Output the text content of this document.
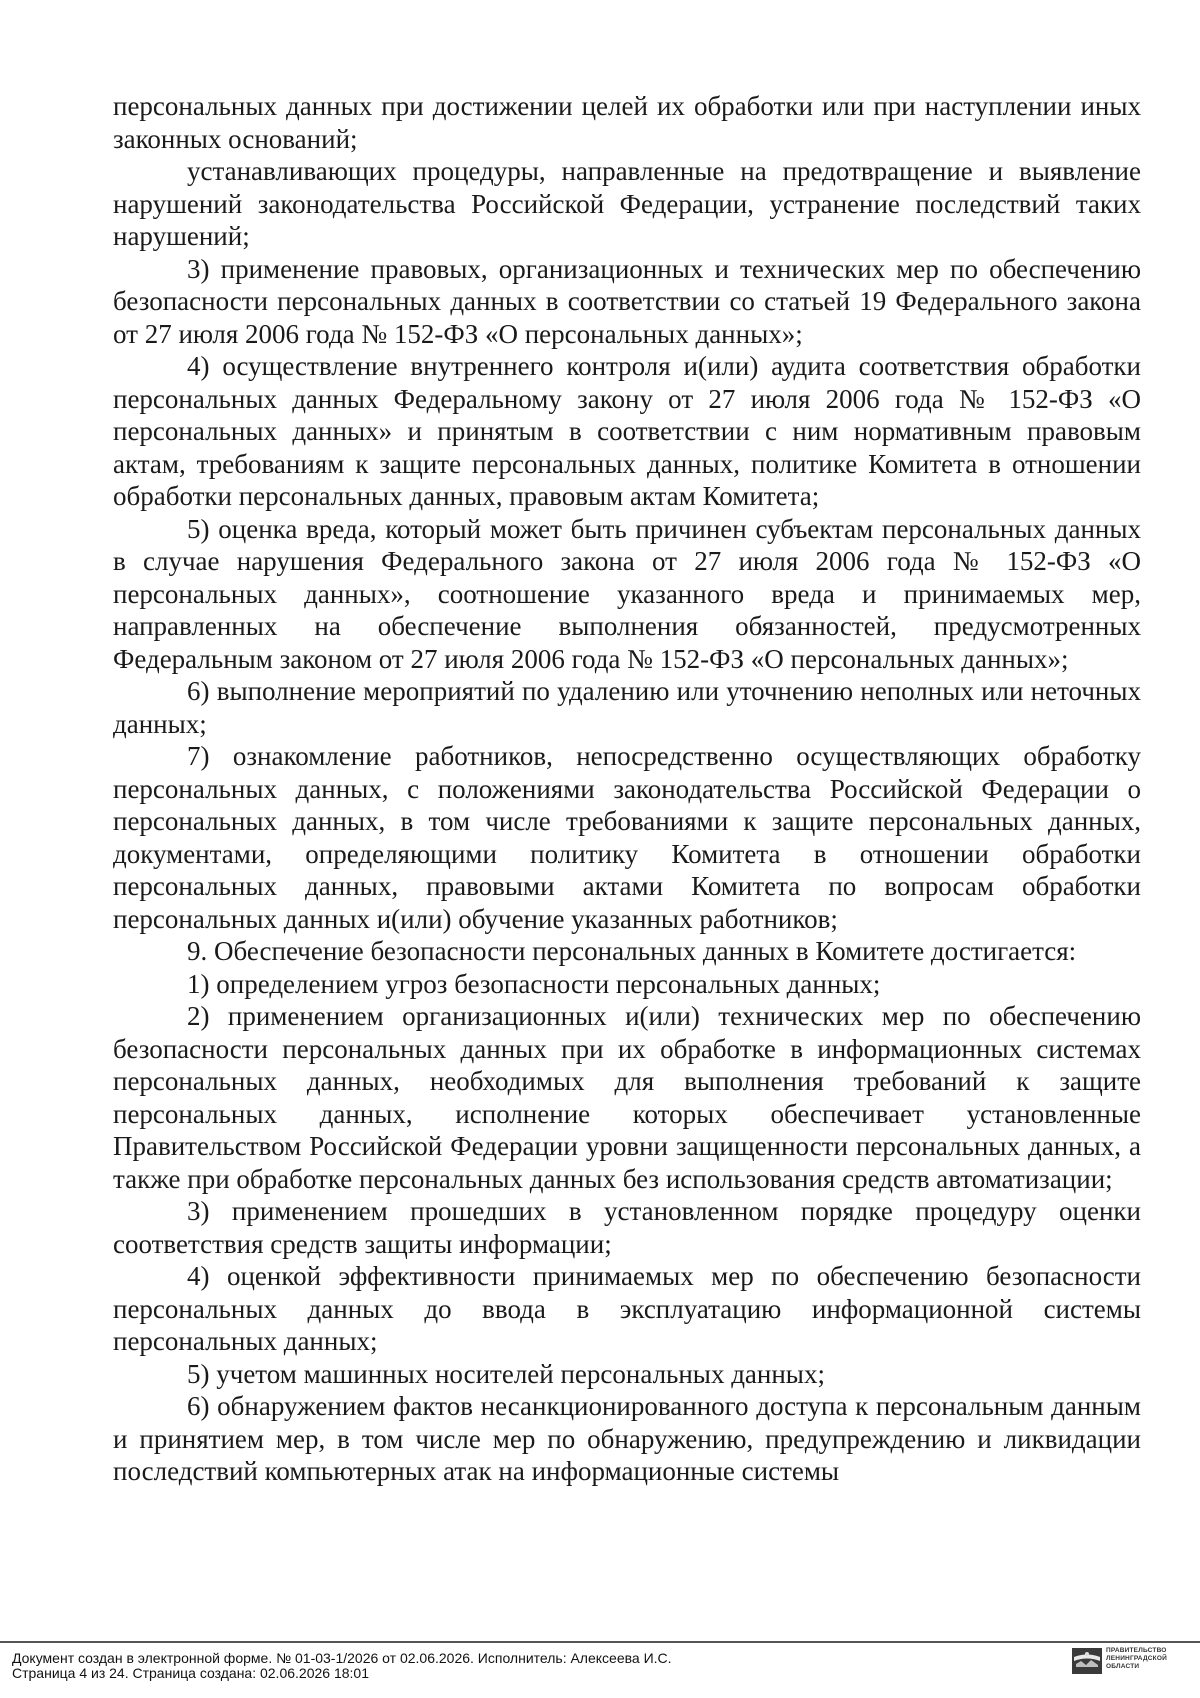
персональных данных при достижении целей их обработки или при наступлении иных законных оснований;

устанавливающих процедуры, направленные на предотвращение и выявление нарушений законодательства Российской Федерации, устранение последствий таких нарушений;

3) применение правовых, организационных и технических мер по обеспечению безопасности персональных данных в соответствии со статьей 19 Федерального закона от 27 июля 2006 года № 152-ФЗ «О персональных данных»;

4) осуществление внутреннего контроля и(или) аудита соответствия обработки персональных данных Федеральному закону от 27 июля 2006 года № 152-ФЗ «О персональных данных» и принятым в соответствии с ним нормативным правовым актам, требованиям к защите персональных данных, политике Комитета в отношении обработки персональных данных, правовым актам Комитета;

5) оценка вреда, который может быть причинен субъектам персональных данных в случае нарушения Федерального закона от 27 июля 2006 года № 152-ФЗ «О персональных данных», соотношение указанного вреда и принимаемых мер, направленных на обеспечение выполнения обязанностей, предусмотренных Федеральным законом от 27 июля 2006 года № 152-ФЗ «О персональных данных»;

6) выполнение мероприятий по удалению или уточнению неполных или неточных данных;

7) ознакомление работников, непосредственно осуществляющих обработку персональных данных, с положениями законодательства Российской Федерации о персональных данных, в том числе требованиями к защите персональных данных, документами, определяющими политику Комитета в отношении обработки персональных данных, правовыми актами Комитета по вопросам обработки персональных данных и(или) обучение указанных работников;

9. Обеспечение безопасности персональных данных в Комитете достигается:

1) определением угроз безопасности персональных данных;

2) применением организационных и(или) технических мер по обеспечению безопасности персональных данных при их обработке в информационных системах персональных данных, необходимых для выполнения требований к защите персональных данных, исполнение которых обеспечивает установленные Правительством Российской Федерации уровни защищенности персональных данных, а также при обработке персональных данных без использования средств автоматизации;

3) применением прошедших в установленном порядке процедуру оценки соответствия средств защиты информации;

4) оценкой эффективности принимаемых мер по обеспечению безопасности персональных данных до ввода в эксплуатацию информационной системы персональных данных;

5) учетом машинных носителей персональных данных;

6) обнаружением фактов несанкционированного доступа к персональным данным и принятием мер, в том числе мер по обнаружению, предупреждению и ликвидации последствий компьютерных атак на информационные системы

Документ создан в электронной форме. № 01-03-1/2026 от 02.06.2026. Исполнитель: Алексеева И.С.
Страница 4 из 24. Страница создана: 02.06.2026 18:01
ПРАВИТЕЛЬСТВО
ЛЕНИНГРАДСКОЙ
ОБЛАСТИ
